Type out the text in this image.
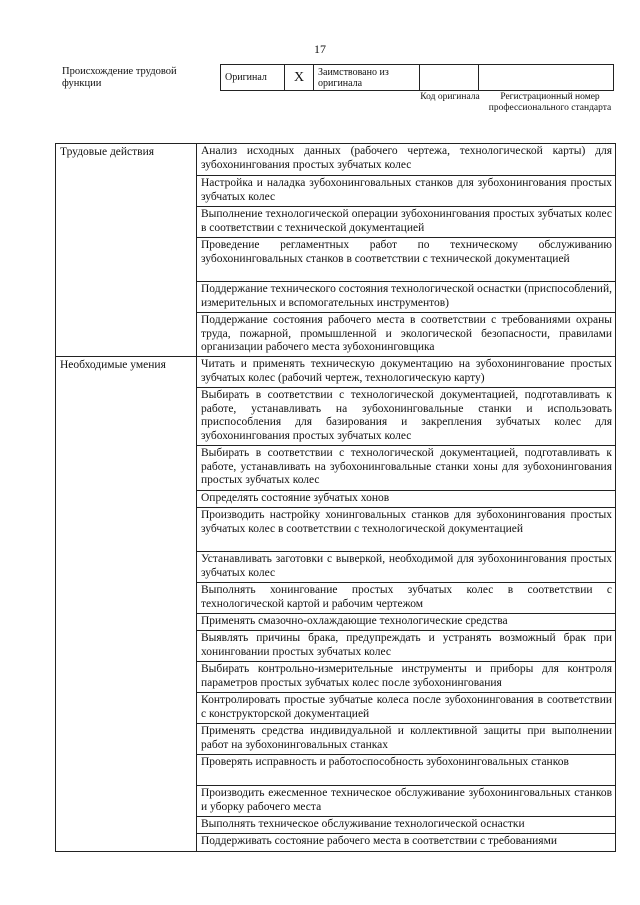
17
Происхождение трудовой функции
Оригинал	X	Заимствовано из оригинала		
Код оригинала	Регистрационный номер профессионального стандарта
Трудовые действия	Анализ исходных данных (рабочего чертежа, технологической карты) для зубохонингования простых зубчатых колес
	Настройка и наладка зубохонинговальных станков для зубохонингования простых зубчатых колес
	Выполнение технологической операции зубохонингования простых зубчатых колес в соответствии с технической документацией
	Проведение регламентных работ по техническому обслуживанию зубохонинговальных станков в соответствии с технической документацией
	Поддержание технического состояния технологической оснастки (приспособлений, измерительных и вспомогательных инструментов)
	Поддержание состояния рабочего места в соответствии с требованиями охраны труда, пожарной, промышленной и экологической безопасности, правилами организации рабочего места зубохонинговщика
Необходимые умения	Читать и применять техническую документацию на зубохонингование простых зубчатых колес (рабочий чертеж, технологическую карту)
	Выбирать в соответствии с технологической документацией, подготавливать к работе, устанавливать на зубохонинговальные станки и использовать приспособления для базирования и закрепления зубчатых колес для зубохонингования простых зубчатых колес
	Выбирать в соответствии с технологической документацией, подготавливать к работе, устанавливать на зубохонинговальные станки хоны для зубохонингования простых зубчатых колес
	Определять состояние зубчатых хонов
	Производить настройку хонинговальных станков для зубохонингования простых зубчатых колес в соответствии с технологической документацией
	Устанавливать заготовки с выверкой, необходимой для зубохонингования простых зубчатых колес
	Выполнять хонингование простых зубчатых колес в соответствии с технологической картой и рабочим чертежом
	Применять смазочно-охлаждающие технологические средства
	Выявлять причины брака, предупреждать и устранять возможный брак при хонинговании простых зубчатых колес
	Выбирать контрольно-измерительные инструменты и приборы для контроля параметров простых зубчатых колес после зубохонингования
	Контролировать простые зубчатые колеса после зубохонингования в соответствии с конструкторской документацией
	Применять средства индивидуальной и коллективной защиты при выполнении работ на зубохонинговальных станках
	Проверять исправность и работоспособность зубохонинговальных станков
	Производить ежесменное техническое обслуживание зубохонинговальных станков и уборку рабочего места
	Выполнять техническое обслуживание технологической оснастки
	Поддерживать состояние рабочего места в соответствии с требованиями
